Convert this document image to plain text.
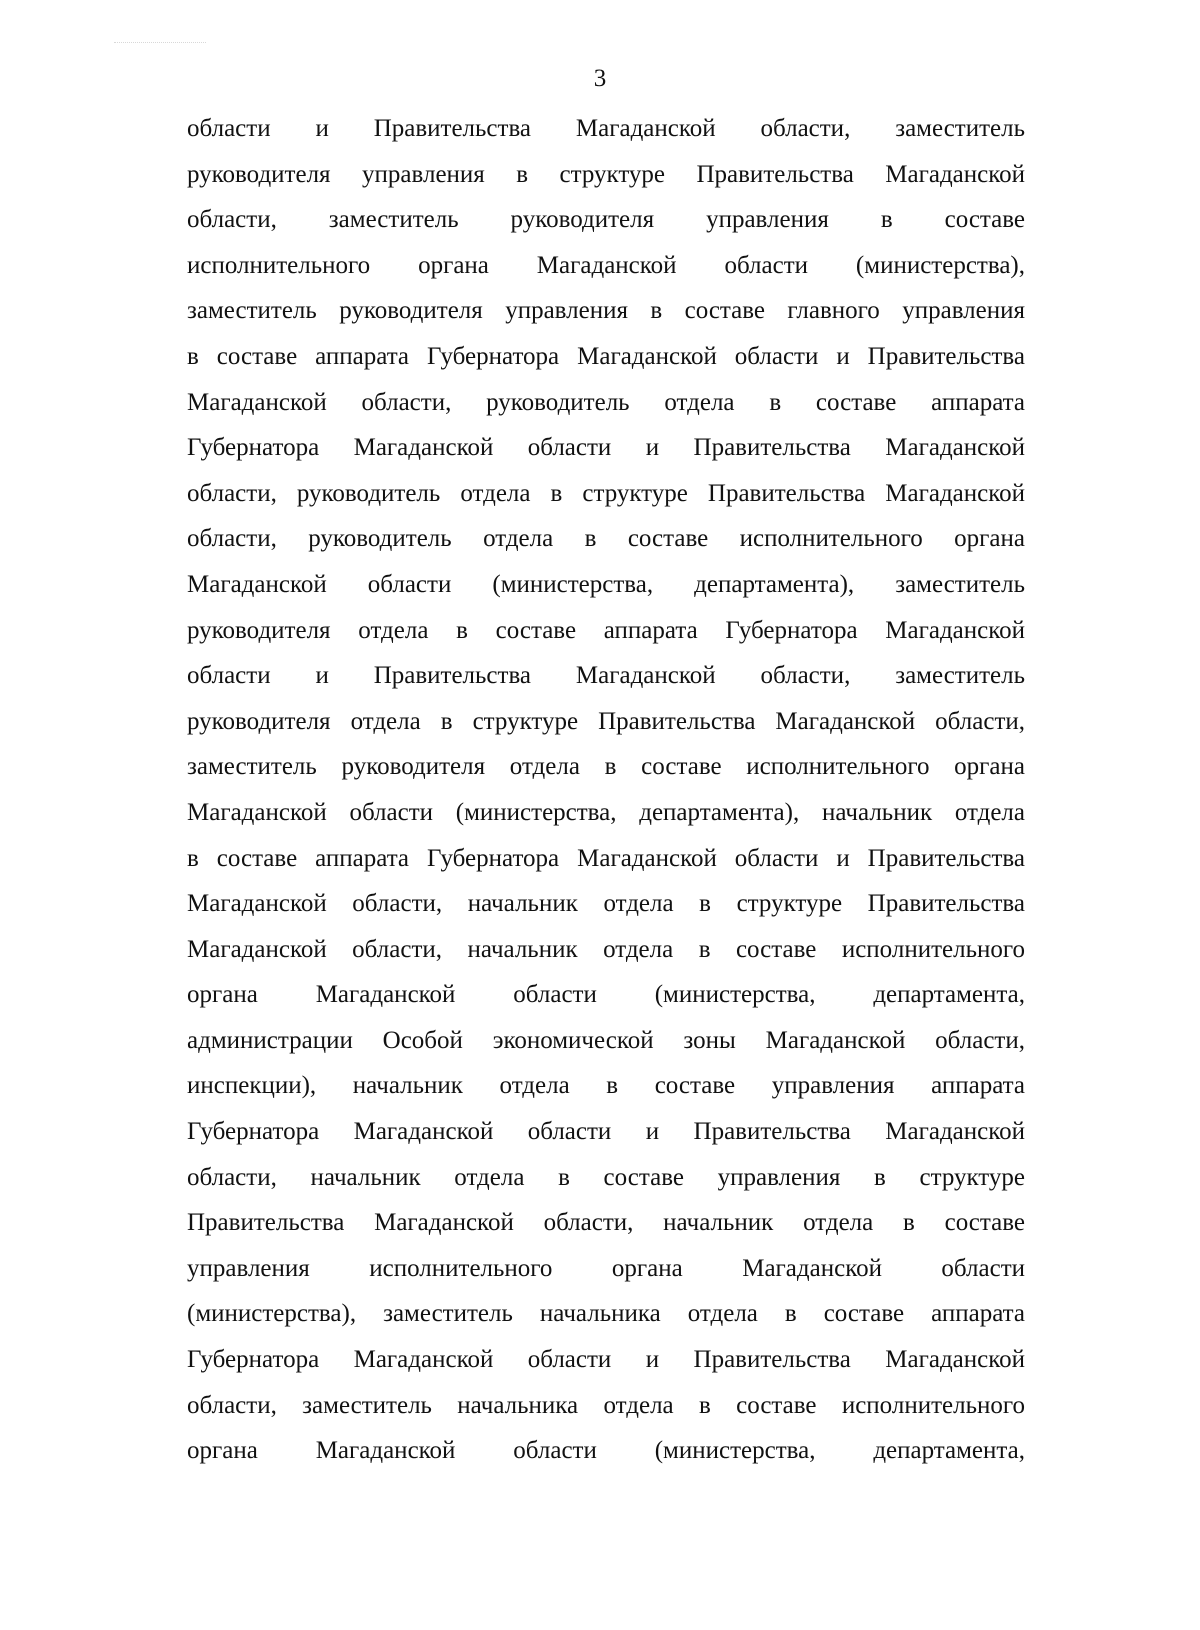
3
области и Правительства Магаданской области, заместитель
руководителя управления в структуре Правительства Магаданской
области, заместитель руководителя управления в составе
исполнительного органа Магаданской области (министерства),
заместитель руководителя управления в составе главного управления
в составе аппарата Губернатора Магаданской области и Правительства
Магаданской области, руководитель отдела в составе аппарата
Губернатора Магаданской области и Правительства Магаданской
области, руководитель отдела в структуре Правительства Магаданской
области, руководитель отдела в составе исполнительного органа
Магаданской области (министерства, департамента), заместитель
руководителя отдела в составе аппарата Губернатора Магаданской
области и Правительства Магаданской области, заместитель
руководителя отдела в структуре Правительства Магаданской области,
заместитель руководителя отдела в составе исполнительного органа
Магаданской области (министерства, департамента), начальник отдела
в составе аппарата Губернатора Магаданской области и Правительства
Магаданской области, начальник отдела в структуре Правительства
Магаданской области, начальник отдела в составе исполнительного
органа Магаданской области (министерства, департамента,
администрации Особой экономической зоны Магаданской области,
инспекции), начальник отдела в составе управления аппарата
Губернатора Магаданской области и Правительства Магаданской
области, начальник отдела в составе управления в структуре
Правительства Магаданской области, начальник отдела в составе
управления исполнительного органа Магаданской области
(министерства), заместитель начальника отдела в составе аппарата
Губернатора Магаданской области и Правительства Магаданской
области, заместитель начальника отдела в составе исполнительного
органа Магаданской области (министерства, департамента,
